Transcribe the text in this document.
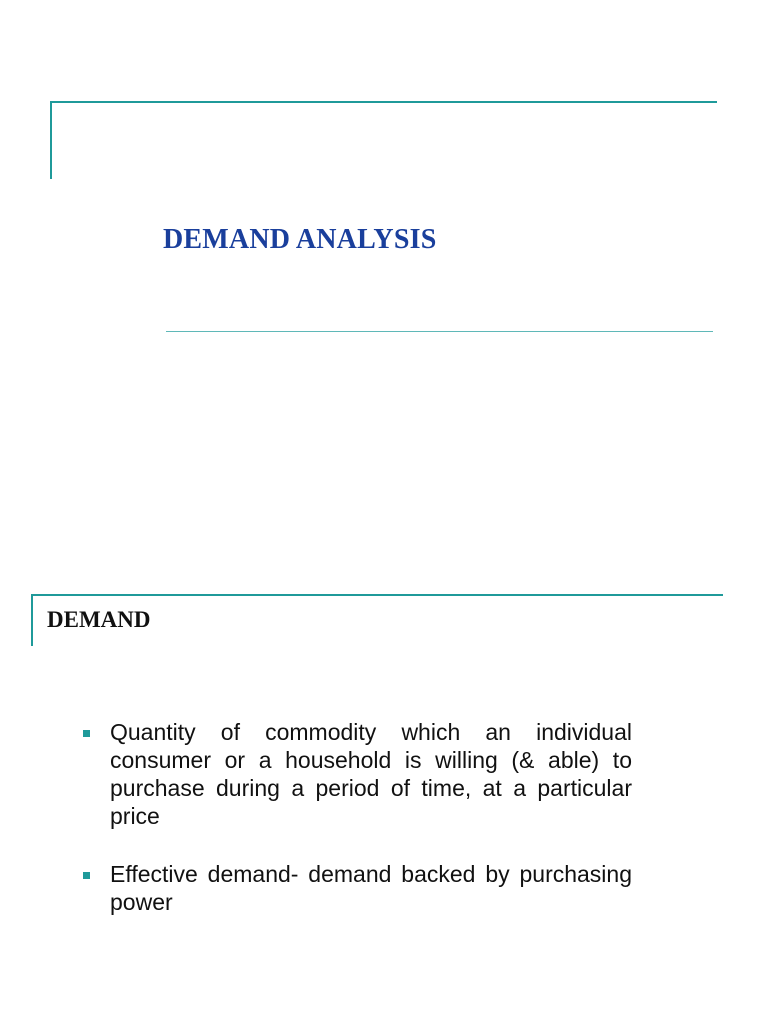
DEMAND ANALYSIS
DEMAND
Quantity of commodity which an individual consumer or a household is willing (& able) to purchase during a period of time, at a particular price
Effective demand- demand backed by purchasing power
